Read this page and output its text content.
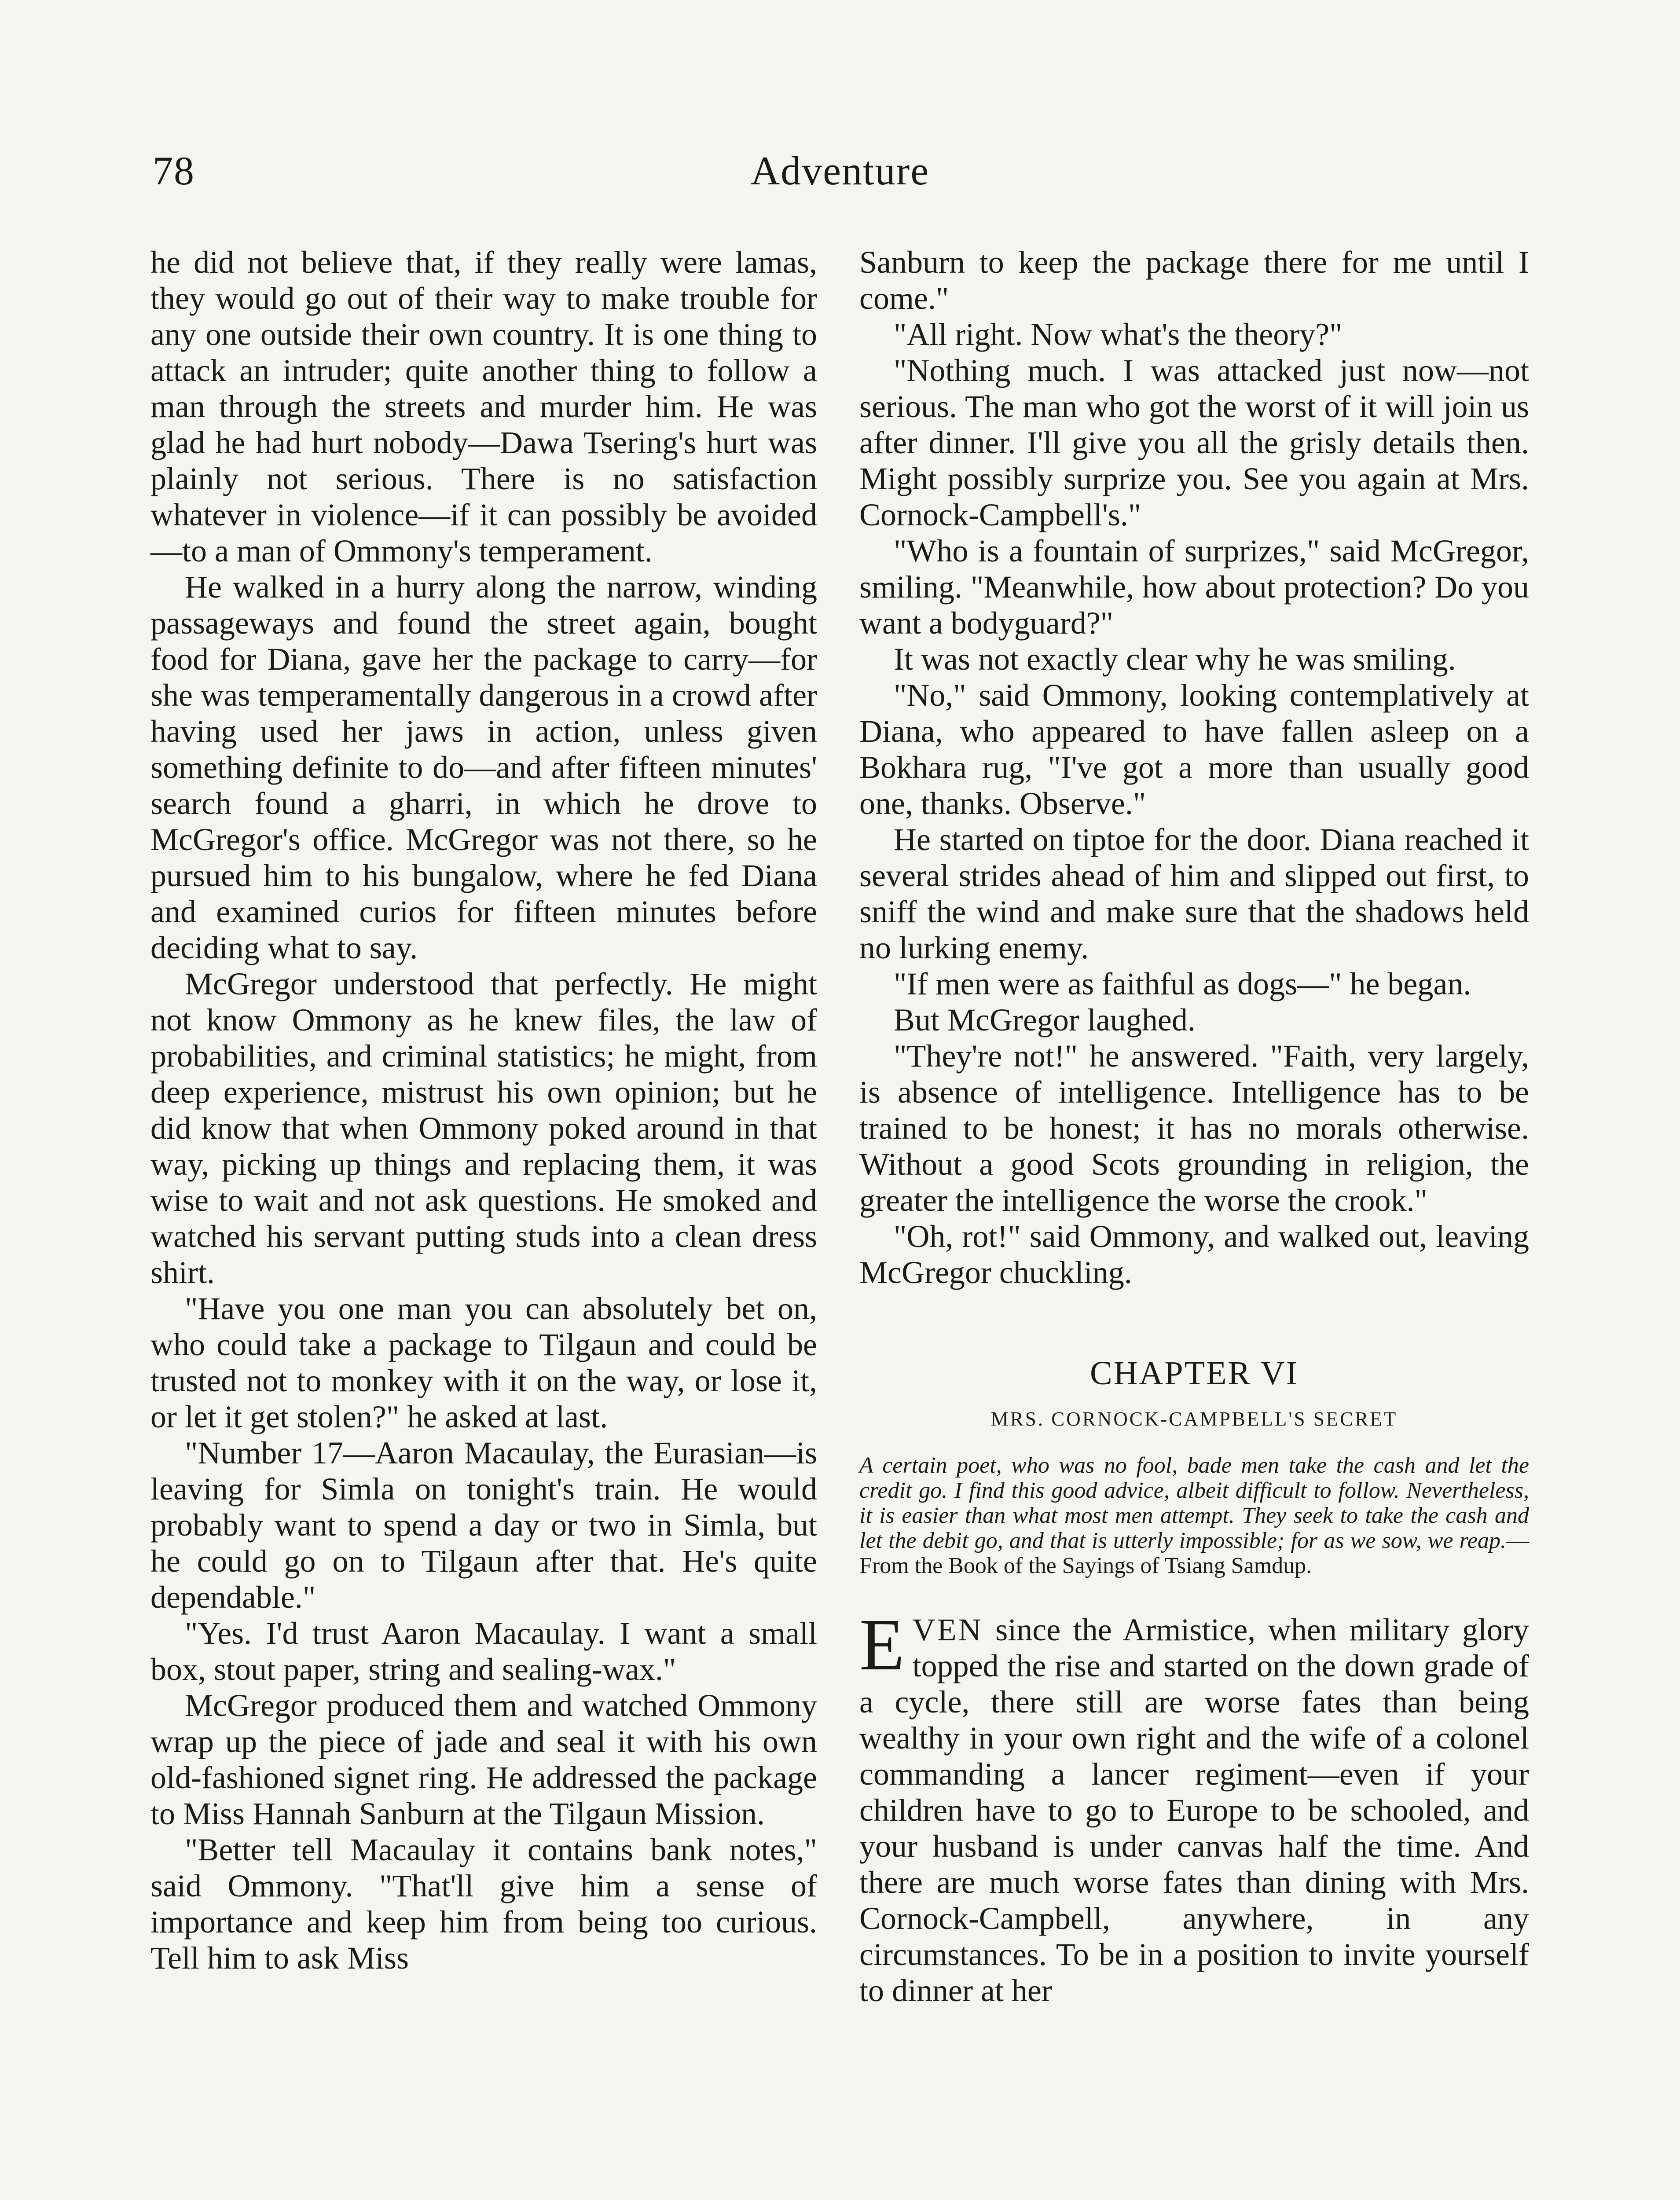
78	Adventure

he did not believe that, if they really were lamas, they would go out of their way to make trouble for any one outside their own country. It is one thing to attack an intruder; quite another thing to follow a man through the streets and murder him. He was glad he had hurt nobody—Dawa Tsering's hurt was plainly not serious. There is no satisfaction whatever in violence—if it can possibly be avoided—to a man of Ommony's temperament.

He walked in a hurry along the narrow, winding passageways and found the street again, bought food for Diana, gave her the package to carry—for she was temperamentally dangerous in a crowd after having used her jaws in action, unless given something definite to do—and after fifteen minutes' search found a gharri, in which he drove to McGregor's office. McGregor was not there, so he pursued him to his bungalow, where he fed Diana and examined curios for fifteen minutes before deciding what to say.

McGregor understood that perfectly. He might not know Ommony as he knew files, the law of probabilities, and criminal statistics; he might, from deep experience, mistrust his own opinion; but he did know that when Ommony poked around in that way, picking up things and replacing them, it was wise to wait and not ask questions. He smoked and watched his servant putting studs into a clean dress shirt.

"Have you one man you can absolutely bet on, who could take a package to Tilgaun and could be trusted not to monkey with it on the way, or lose it, or let it get stolen?" he asked at last.

"Number 17—Aaron Macaulay, the Eurasian—is leaving for Simla on tonight's train. He would probably want to spend a day or two in Simla, but he could go on to Tilgaun after that. He's quite dependable."

"Yes. I'd trust Aaron Macaulay. I want a small box, stout paper, string and sealing-wax."

McGregor produced them and watched Ommony wrap up the piece of jade and seal it with his own old-fashioned signet ring. He addressed the package to Miss Hannah Sanburn at the Tilgaun Mission.

"Better tell Macaulay it contains bank notes," said Ommony. "That'll give him a sense of importance and keep him from being too curious. Tell him to ask Miss

Sanburn to keep the package there for me until I come."

"All right. Now what's the theory?"

"Nothing much. I was attacked just now—not serious. The man who got the worst of it will join us after dinner. I'll give you all the grisly details then. Might possibly surprize you. See you again at Mrs. Cornock-Campbell's."

"Who is a fountain of surprizes," said McGregor, smiling. "Meanwhile, how about protection? Do you want a bodyguard?"

It was not exactly clear why he was smiling.

"No," said Ommony, looking contemplatively at Diana, who appeared to have fallen asleep on a Bokhara rug, "I've got a more than usually good one, thanks. Observe."

He started on tiptoe for the door. Diana reached it several strides ahead of him and slipped out first, to sniff the wind and make sure that the shadows held no lurking enemy.

"If men were as faithful as dogs—" he began.

But McGregor laughed.

"They're not!" he answered. "Faith, very largely, is absence of intelligence. Intelligence has to be trained to be honest; it has no morals otherwise. Without a good Scots grounding in religion, the greater the intelligence the worse the crook."

"Oh, rot!" said Ommony, and walked out, leaving McGregor chuckling.

CHAPTER VI
MRS. CORNOCK-CAMPBELL'S SECRET
A certain poet, who was no fool, bade men take the cash and let the credit go. I find this good advice, albeit difficult to follow. Nevertheless, it is easier than what most men attempt. They seek to take the cash and let the debit go, and that is utterly impossible; for as we sow, we reap.—From the Book of the Sayings of Tsiang Samdup.

EVEN since the Armistice, when military glory topped the rise and started on the down grade of a cycle, there still are worse fates than being wealthy in your own right and the wife of a colonel commanding a lancer regiment—even if your children have to go to Europe to be schooled, and your husband is under canvas half the time. And there are much worse fates than dining with Mrs. Cornock-Campbell, anywhere, in any circumstances. To be in a position to invite yourself to dinner at her
